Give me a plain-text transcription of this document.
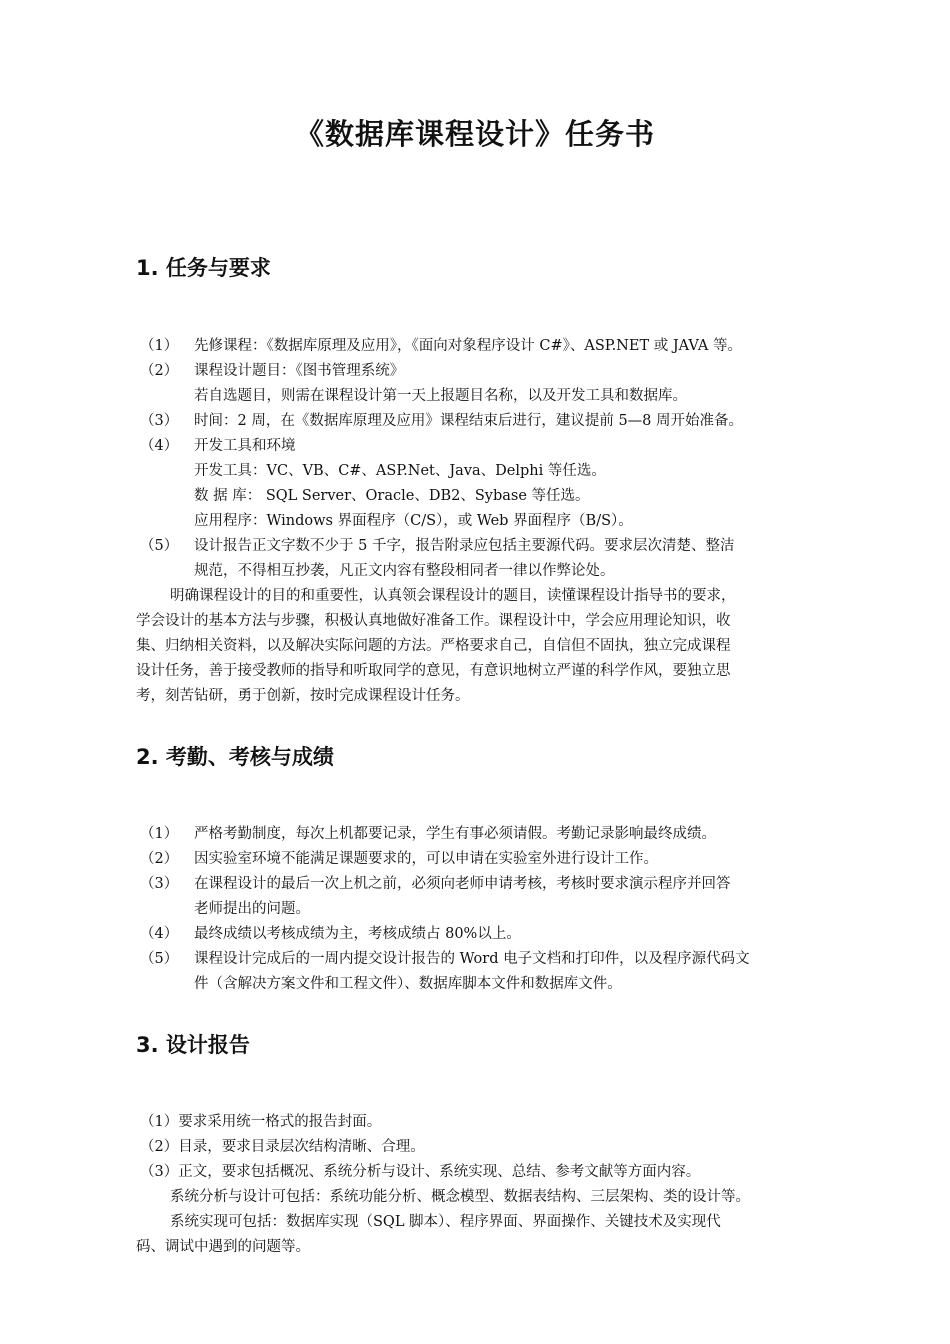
《数据库课程设计》任务书
1. 任务与要求
（1） 先修课程：《数据库原理及应用》，《面向对象程序设计 C#》、ASP.NET 或 JAVA 等。
（2） 课程设计题目：《图书管理系统》
若自选题目，则需在课程设计第一天上报题目名称，以及开发工具和数据库。
（3） 时间：2 周，在《数据库原理及应用》课程结束后进行，建议提前 5—8 周开始准备。
（4） 开发工具和环境
开发工具：VC、VB、C#、ASP.Net、Java、Delphi 等任选。
数 据 库： SQL Server、Oracle、DB2、Sybase 等任选。
应用程序：Windows 界面程序（C/S），或 Web 界面程序（B/S）。
（5） 设计报告正文字数不少于 5 千字，报告附录应包括主要源代码。要求层次清楚、整洁
规范，不得相互抄袭，凡正文内容有整段相同者一律以作弊论处。
明确课程设计的目的和重要性，认真领会课程设计的题目，读懂课程设计指导书的要求，
学会设计的基本方法与步骤，积极认真地做好准备工作。课程设计中，学会应用理论知识，收
集、归纳相关资料，以及解决实际问题的方法。严格要求自己，自信但不固执，独立完成课程
设计任务，善于接受教师的指导和听取同学的意见，有意识地树立严谨的科学作风，要独立思
考，刻苦钻研，勇于创新，按时完成课程设计任务。
2. 考勤、考核与成绩
（1） 严格考勤制度，每次上机都要记录，学生有事必须请假。考勤记录影响最终成绩。
（2） 因实验室环境不能满足课题要求的，可以申请在实验室外进行设计工作。
（3） 在课程设计的最后一次上机之前，必须向老师申请考核，考核时要求演示程序并回答
老师提出的问题。
（4） 最终成绩以考核成绩为主，考核成绩占 80%以上。
（5） 课程设计完成后的一周内提交设计报告的 Word 电子文档和打印件，以及程序源代码文
件（含解决方案文件和工程文件）、数据库脚本文件和数据库文件。
3. 设计报告
（1）要求采用统一格式的报告封面。
（2）目录，要求目录层次结构清晰、合理。
（3）正文，要求包括概况、系统分析与设计、系统实现、总结、参考文献等方面内容。
系统分析与设计可包括：系统功能分析、概念模型、数据表结构、三层架构、类的设计等。
系统实现可包括：数据库实现（SQL 脚本）、程序界面、界面操作、关键技术及实现代
码、调试中遇到的问题等。
